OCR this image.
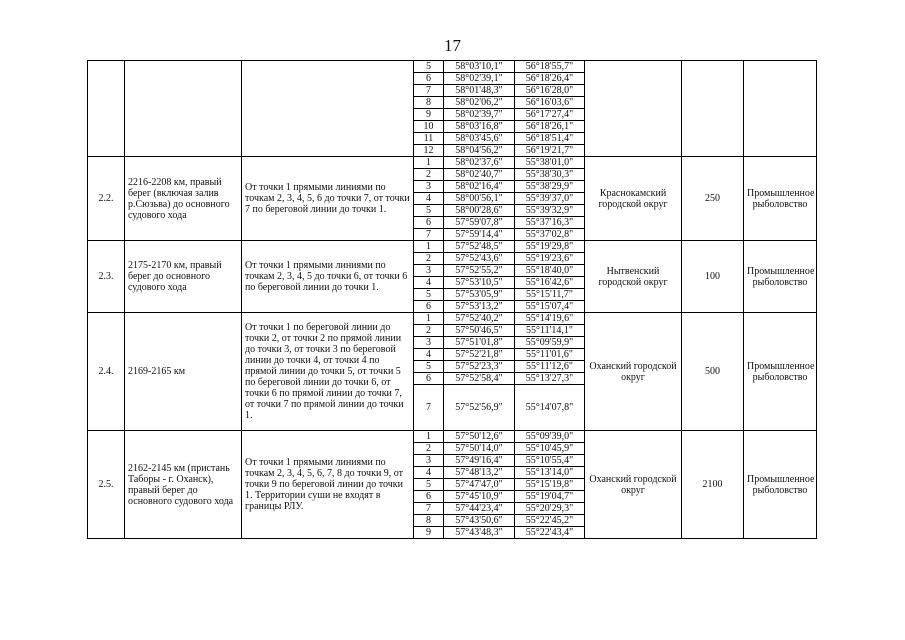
17
			5	58°03'10,1"	56°18'55,7"			
			6	58°02'39,1"	56°18'26,4"			
			7	58°01'48,3"	56°16'28,0"			
			8	58°02'06,2"	56°16'03,6"			
			9	58°02'39,7"	56°17'27,4"			
			10	58°03'16,8"	56°18'26,1"			
			11	58°03'45,6"	56°18'51,4"			
			12	58°04'56,2"	56°19'21,7"			
2.2.	2216-2208 км, правый берег (включая залив р.Сюзьва) до основного судового хода	От точки 1 прямыми линиями по точкам 2, 3, 4, 5, 6 до точки 7, от точки 7 по береговой линии до точки 1.	1	58°02'37,6"	55°38'01,0"	Краснокамский городской округ	250	Промышленное рыболовство
			2	58°02'40,7"	55°38'30,3"			
			3	58°02'16,4"	55°38'29,9"			
			4	58°00'56,1"	55°39'37,0"			
			5	58°00'28,6"	55°39'32,9"			
			6	57°59'07,8"	55°37'16,3"			
			7	57°59'14,4"	55°37'02,8"			
2.3.	2175-2170 км, правый берег до основного судового хода	От точки 1 прямыми линиями по точкам 2, 3, 4, 5 до точки 6, от точки 6 по береговой линии до точки 1.	1	57°52'48,5"	55°19'29,8"	Нытвенский городской округ	100	Промышленное рыболовство
			2	57°52'43,6"	55°19'23,6"			
			3	57°52'55,2"	55°18'40,0"			
			4	57°53'10,5"	55°16'42,6"			
			5	57°53'05,9"	55°15'11,7"			
			6	57°53'13,2"	55°15'07,4"			
2.4.	2169-2165 км	От точки 1 по береговой линии до точки 2, от точки 2 по прямой линии до точки 3, от точки 3 по береговой линии до точки 4, от точки 4 по прямой линии до точки 5, от точки 5 по береговой линии до точки 6, от точки 6 по прямой линии до точки 7, от точки 7 по прямой линии до точки 1.	1	57°52'40,2"	55°14'19,6"	Оханский городской округ	500	Промышленное рыболовство
			2	57°50'46,5"	55°11'14,1"			
			3	57°51'01,8"	55°09'59,9"			
			4	57°52'21,8"	55°11'01,6"			
			5	57°52'23,3"	55°11'12,6"			
			6	57°52'58,4"	55°13'27,3"			
			7	57°52'56,9"	55°14'07,8"			
2.5.	2162-2145 км (пристань Таборы - г. Оханск), правый берег до основного судового хода	От точки 1 прямыми линиями по точкам 2, 3, 4, 5, 6, 7, 8 до точки 9, от точки 9 по береговой линии до точки 1. Территории суши не входят в границы РЛУ.	1	57°50'12,6"	55°09'39,0"	Оханский городской округ	2100	Промышленное рыболовство
			2	57°50'14,0"	55°10'45,9"			
			3	57°49'16,4"	55°10'55,4"			
			4	57°48'13,2"	55°13'14,0"			
			5	57°47'47,0"	55°15'19,8"			
			6	57°45'10,9"	55°19'04,7"			
			7	57°44'23,4"	55°20'29,3"			
			8	57°43'50,6"	55°22'45,2"			
			9	57°43'48,3"	55°22'43,4"			
